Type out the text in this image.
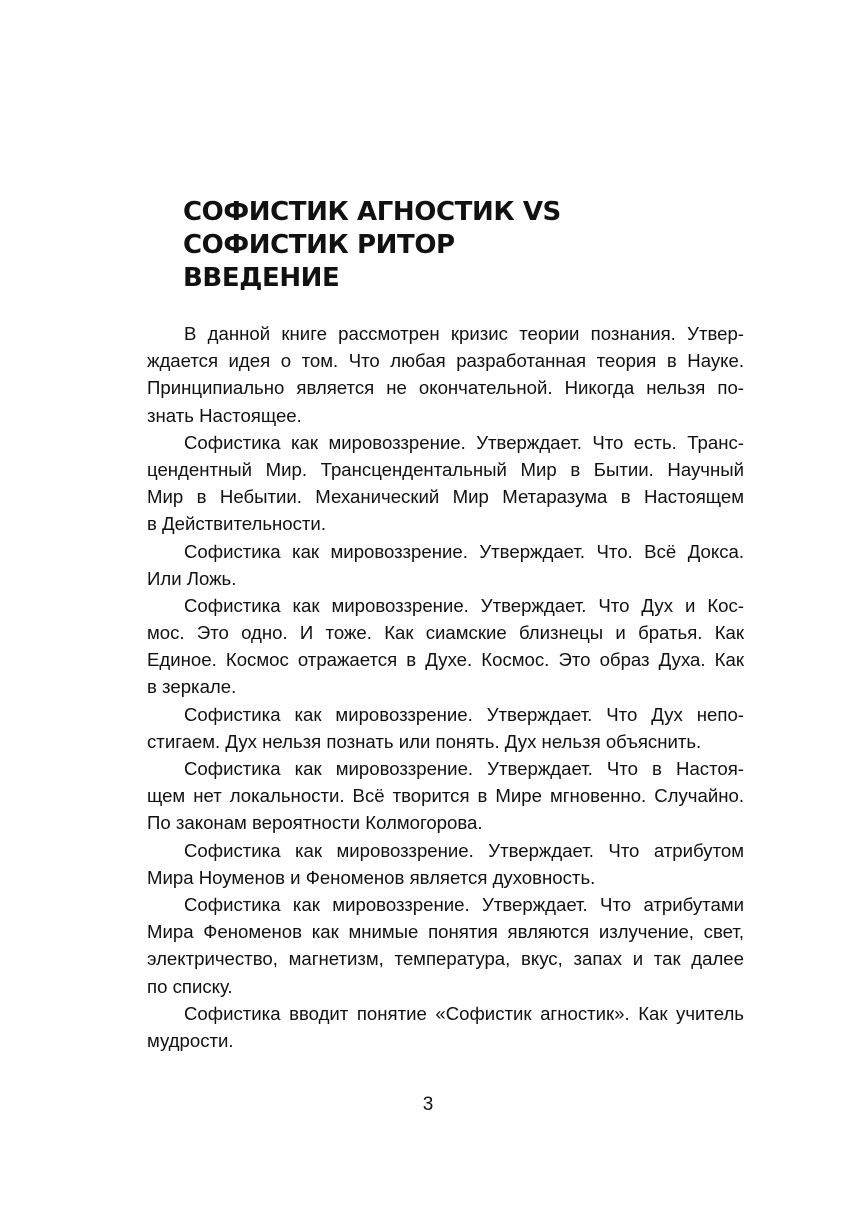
СОФИСТИК АГНОСТИК VS
СОФИСТИК РИТОР
ВВЕДЕНИЕ

В данной книге рассмотрен кризис теории познания. Утвер-
ждается идея о том. Что любая разработанная теория в Науке.
Принципиально является не окончательной. Никогда нельзя по-
знать Настоящее.

Софистика как мировоззрение. Утверждает. Что есть. Транс-
цендентный Мир. Трансцендентальный Мир в Бытии. Научный
Мир в Небытии. Механический Мир Метаразума в Настоящем
в Действительности.

Софистика как мировоззрение. Утверждает. Что. Всё Докса.
Или Ложь.

Софистика как мировоззрение. Утверждает. Что Дух и Кос-
мос. Это одно. И тоже. Как сиамские близнецы и братья. Как
Единое. Космос отражается в Духе. Космос. Это образ Духа. Как
в зеркале.

Софистика как мировоззрение. Утверждает. Что Дух непо-
стигаем. Дух нельзя познать или понять. Дух нельзя объяснить.

Софистика как мировоззрение. Утверждает. Что в Настоя-
щем нет локальности. Всё творится в Мире мгновенно. Случайно.
По законам вероятности Колмогорова.

Софистика как мировоззрение. Утверждает. Что атрибутом
Мира Ноуменов и Феноменов является духовность.

Софистика как мировоззрение. Утверждает. Что атрибутами
Мира Феноменов как мнимые понятия являются излучение, свет,
электричество, магнетизм, температура, вкус, запах и так далее
по списку.

Софистика вводит понятие «Софистик агностик». Как учитель
мудрости.

3
